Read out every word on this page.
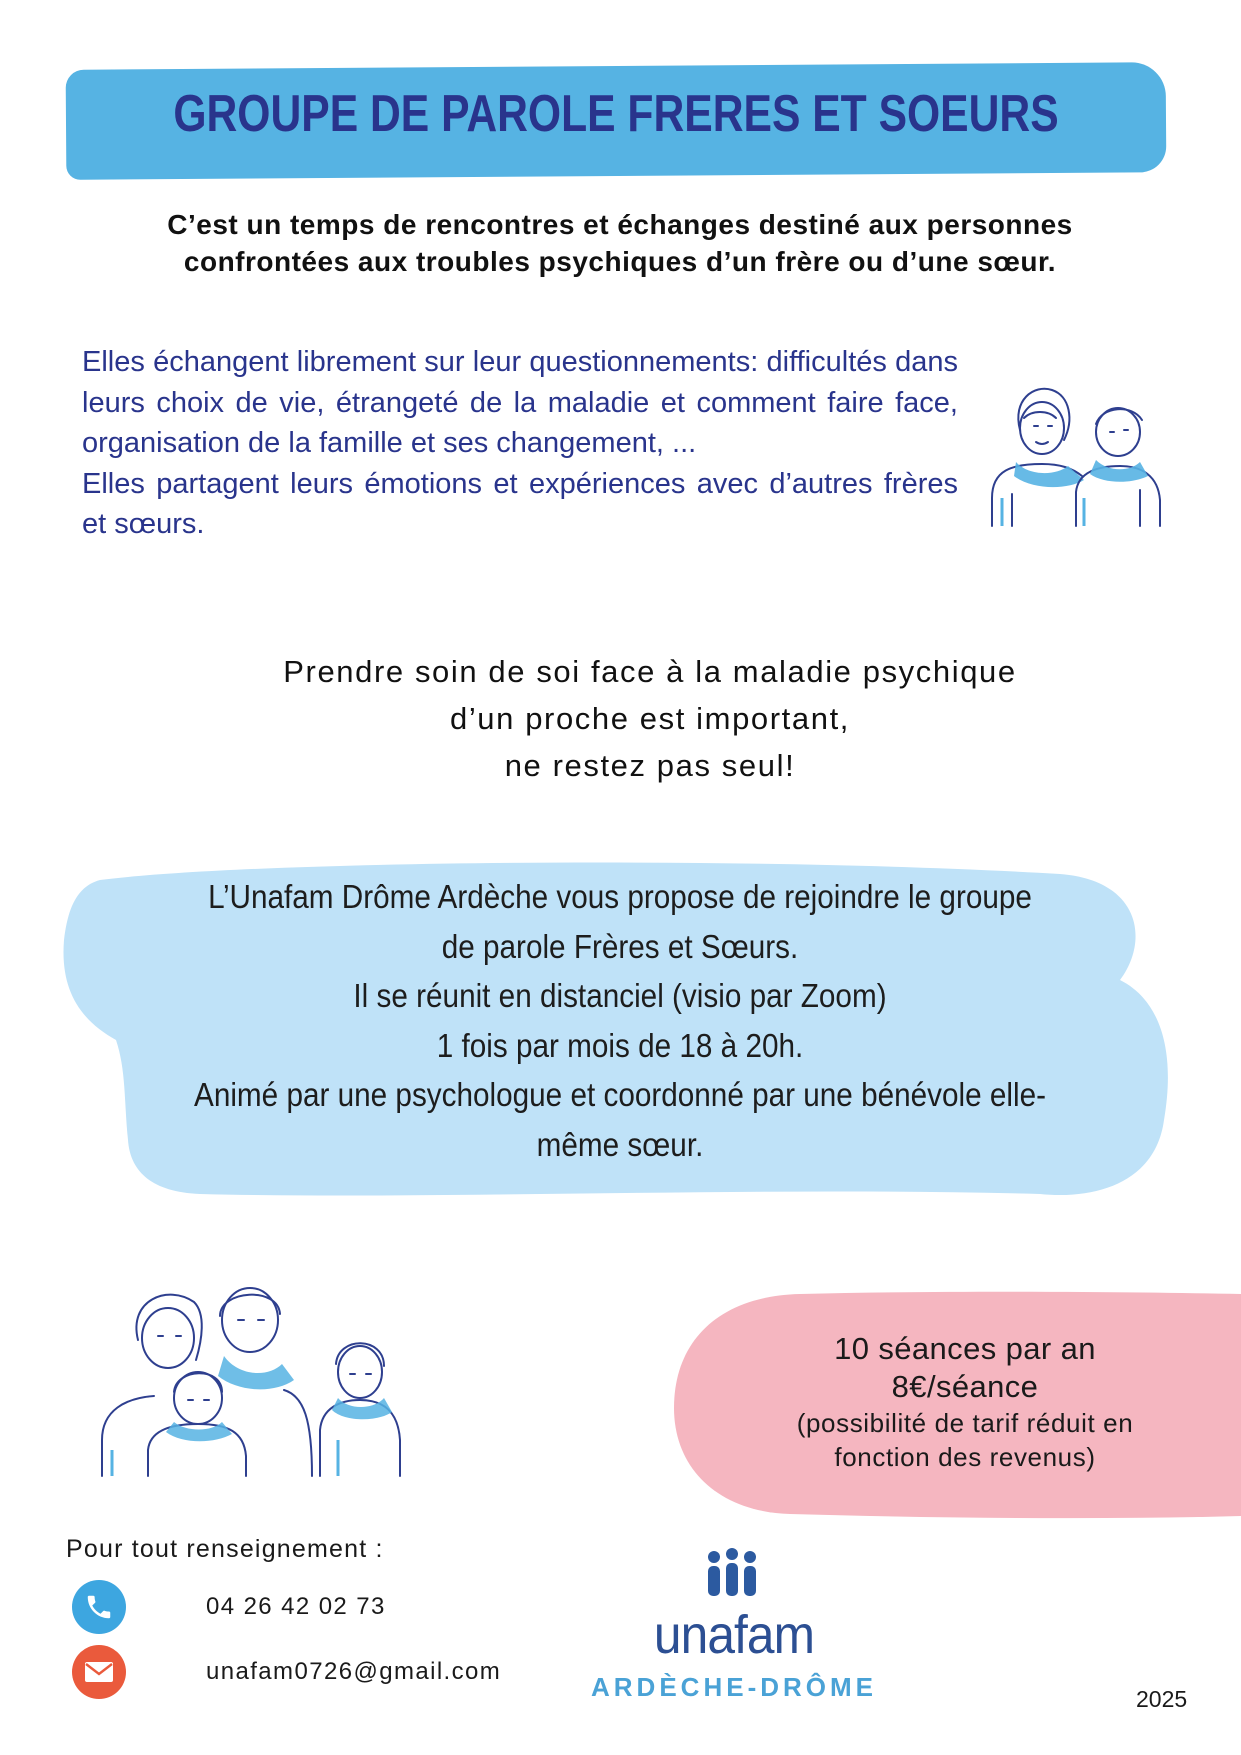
GROUPE DE PAROLE FRERES ET SOEURS
C’est un temps de rencontres et échanges destiné aux personnes
confrontées aux troubles psychiques d’un frère ou d’une sœur.
Elles échangent librement sur leur questionnements: difficultés dans leurs choix de vie, étrangeté de la maladie et comment faire face, organisation de la famille et ses changement, ...
Elles partagent leurs émotions et expériences avec d’autres frères et sœurs.
Prendre soin de soi face à la maladie psychique
d’un proche est important,
ne restez pas seul!
L’Unafam Drôme Ardèche vous propose de rejoindre le groupe
de parole Frères et Sœurs.
Il se réunit en distanciel (visio par Zoom)
1 fois par mois de 18 à 20h.
Animé par une psychologue et coordonné par une bénévole elle-
même sœur.
10 séances par an
8€/séance
(possibilité de tarif réduit en
fonction des revenus)
Pour tout renseignement :
04 26 42 02 73
unafam0726@gmail.com
unafam
ARDÈCHE-DRÔME	2025
